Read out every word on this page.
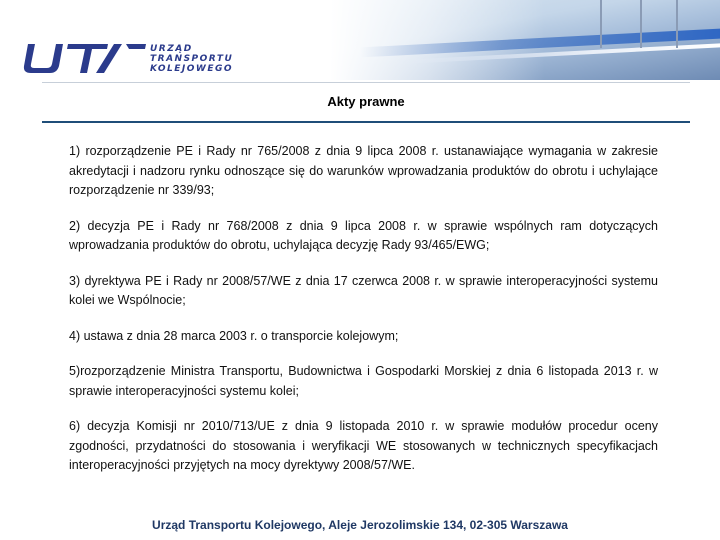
URZĄD
TRANSPORTU
KOLEJOWEGO
Akty prawne

1) rozporządzenie PE i Rady nr 765/2008 z dnia 9 lipca 2008 r. ustanawiające wymagania w zakresie akredytacji i nadzoru rynku odnoszące się do warunków wprowadzania produktów do obrotu i uchylające rozporządzenie nr 339/93;

2) decyzja PE i Rady nr 768/2008 z dnia 9 lipca 2008 r. w sprawie wspólnych ram dotyczących wprowadzania produktów do obrotu, uchylająca decyzję Rady 93/465/EWG;

3) dyrektywa PE i Rady nr 2008/57/WE z dnia 17 czerwca 2008 r. w sprawie interoperacyjności systemu kolei we Wspólnocie;

4) ustawa z dnia 28 marca 2003 r. o transporcie kolejowym;

5)rozporządzenie Ministra Transportu, Budownictwa i Gospodarki Morskiej z dnia 6 listopada 2013 r. w sprawie interoperacyjności systemu kolei;

6) decyzja Komisji nr 2010/713/UE z dnia 9 listopada 2010 r. w sprawie modułów procedur oceny zgodności, przydatności do stosowania i weryfikacji WE stosowanych w technicznych specyfikacjach interoperacyjności przyjętych na mocy dyrektywy 2008/57/WE.

Urząd Transportu Kolejowego, Aleje Jerozolimskie 134, 02-305 Warszawa
